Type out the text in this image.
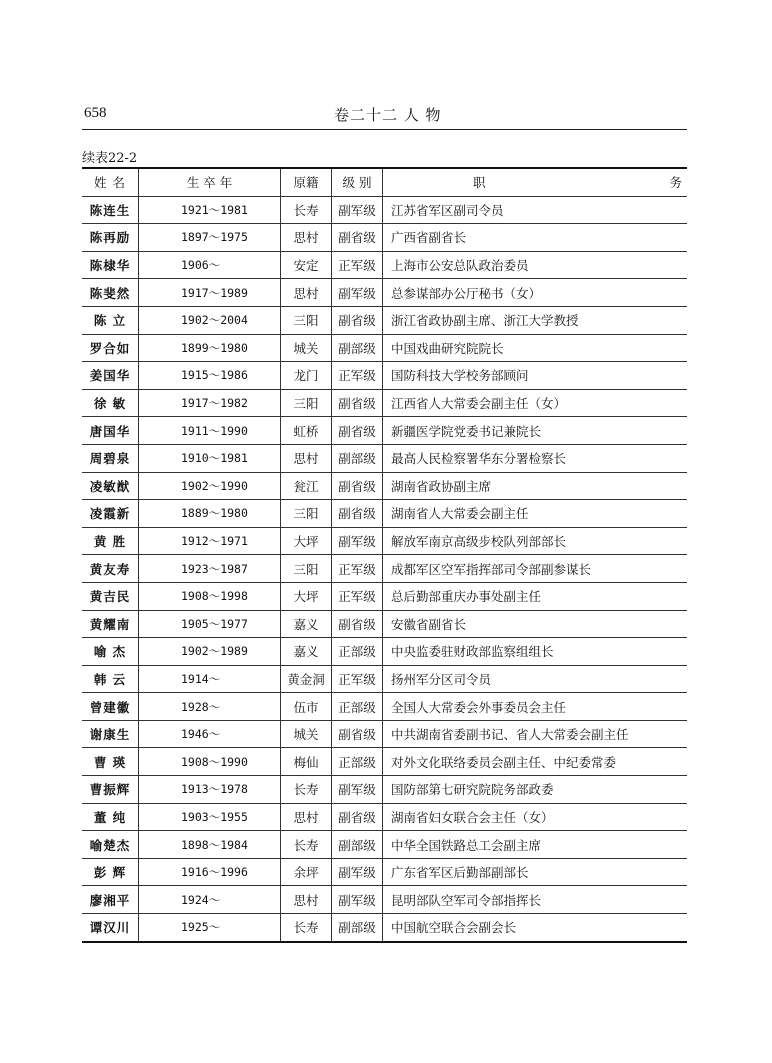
658	卷二十二 人 物
续表22-2
姓 名	生 卒 年	原籍	级 别	职 务
陈连生	1921～1981	长寿	副军级	江苏省军区副司令员
陈再励	1897～1975	思村	副省级	广西省副省长
陈棣华	1906～	安定	正军级	上海市公安总队政治委员
陈斐然	1917～1989	思村	副军级	总参谋部办公厅秘书（女）
陈 立	1902～2004	三阳	副省级	浙江省政协副主席、浙江大学教授
罗合如	1899～1980	城关	副部级	中国戏曲研究院院长
姜国华	1915～1986	龙门	正军级	国防科技大学校务部顾问
徐 敏	1917～1982	三阳	副省级	江西省人大常委会副主任（女）
唐国华	1911～1990	虹桥	副省级	新疆医学院党委书记兼院长
周碧泉	1910～1981	思村	副部级	最高人民检察署华东分署检察长
凌敏猷	1902～1990	瓮江	副省级	湖南省政协副主席
凌霞新	1889～1980	三阳	副省级	湖南省人大常委会副主任
黄 胜	1912～1971	大坪	副军级	解放军南京高级步校队列部部长
黄友寿	1923～1987	三阳	正军级	成都军区空军指挥部司令部副参谋长
黄吉民	1908～1998	大坪	正军级	总后勤部重庆办事处副主任
黄耀南	1905～1977	嘉义	副省级	安徽省副省长
喻 杰	1902～1989	嘉义	正部级	中央监委驻财政部监察组组长
韩 云	1914～	黄金洞	正军级	扬州军分区司令员
曾建徽	1928～	伍市	正部级	全国人大常委会外事委员会主任
谢康生	1946～	城关	副省级	中共湖南省委副书记、省人大常委会副主任
曹 瑛	1908～1990	梅仙	正部级	对外文化联络委员会副主任、中纪委常委
曹振辉	1913～1978	长寿	副军级	国防部第七研究院院务部政委
董 纯	1903～1955	思村	副省级	湖南省妇女联合会主任（女）
喻楚杰	1898～1984	长寿	副部级	中华全国铁路总工会副主席
彭 辉	1916～1996	余坪	副军级	广东省军区后勤部副部长
廖湘平	1924～	思村	副军级	昆明部队空军司令部指挥长
谭汉川	1925～	长寿	副部级	中国航空联合会副会长
